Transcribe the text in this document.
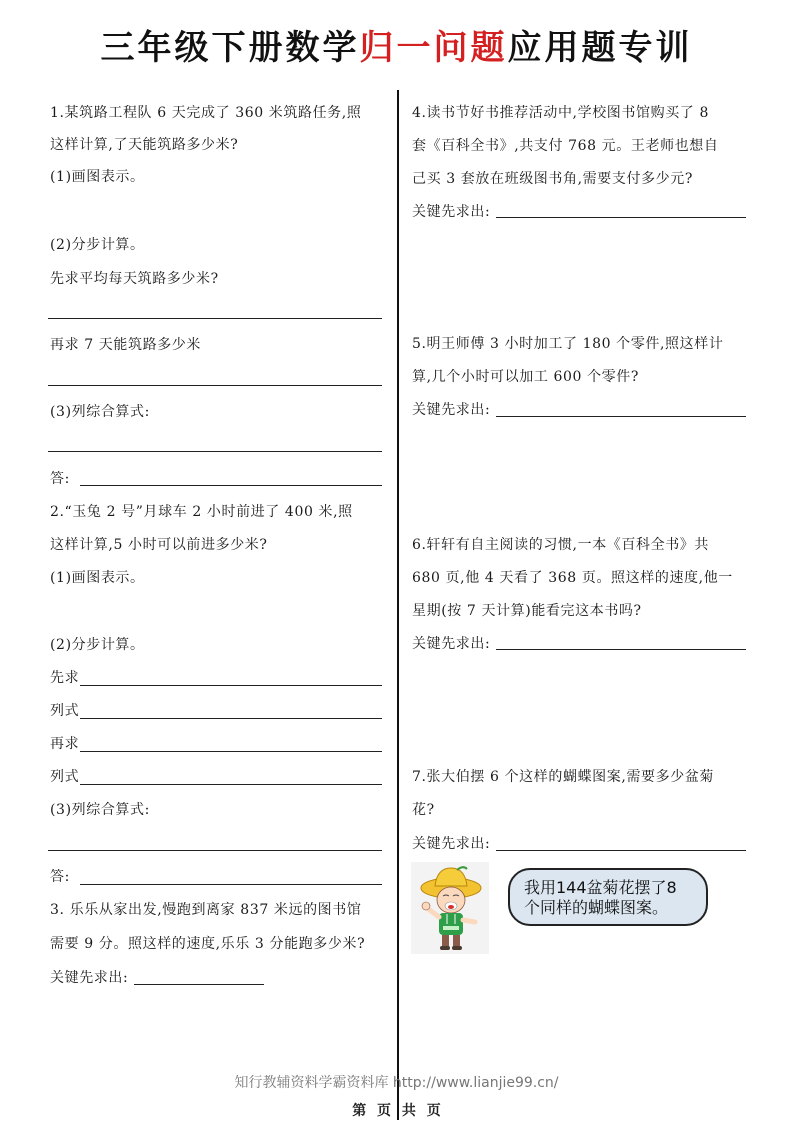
三年级下册数学归一问题应用题专训
1.某筑路工程队 6 天完成了 360 米筑路任务,照
这样计算,了天能筑路多少米?
(1)画图表示。
(2)分步计算。
先求平均每天筑路多少米?
再求 7 天能筑路多少米
(3)列综合算式:
答:
2.“玉兔 2 号”月球车 2 小时前进了 400 米,照
这样计算,5 小时可以前进多少米?
(1)画图表示。
(2)分步计算。
先求
列式
再求
列式
(3)列综合算式:
答:
3. 乐乐从家出发,慢跑到离家 837 米远的图书馆
需要 9 分。照这样的速度,乐乐 3 分能跑多少米?
关键先求出:
4.读书节好书推荐活动中,学校图书馆购买了 8
套《百科全书》,共支付 768 元。王老师也想自
己买 3 套放在班级图书角,需要支付多少元?
关键先求出:
5.明王师傅 3 小时加工了 180 个零件,照这样计
算,几个小时可以加工 600 个零件?
关键先求出:
6.轩轩有自主阅读的习惯,一本《百科全书》共
680 页,他 4 天看了 368 页。照这样的速度,他一
星期(按 7 天计算)能看完这本书吗?
关键先求出:
7.张大伯摆 6 个这样的蝴蝶图案,需要多少盆菊
花?
关键先求出:
我用144盆菊花摆了8
个同样的蝴蝶图案。
知行教辅资料学霸资料库 http://www.lianjie99.cn/
第 页 共 页
